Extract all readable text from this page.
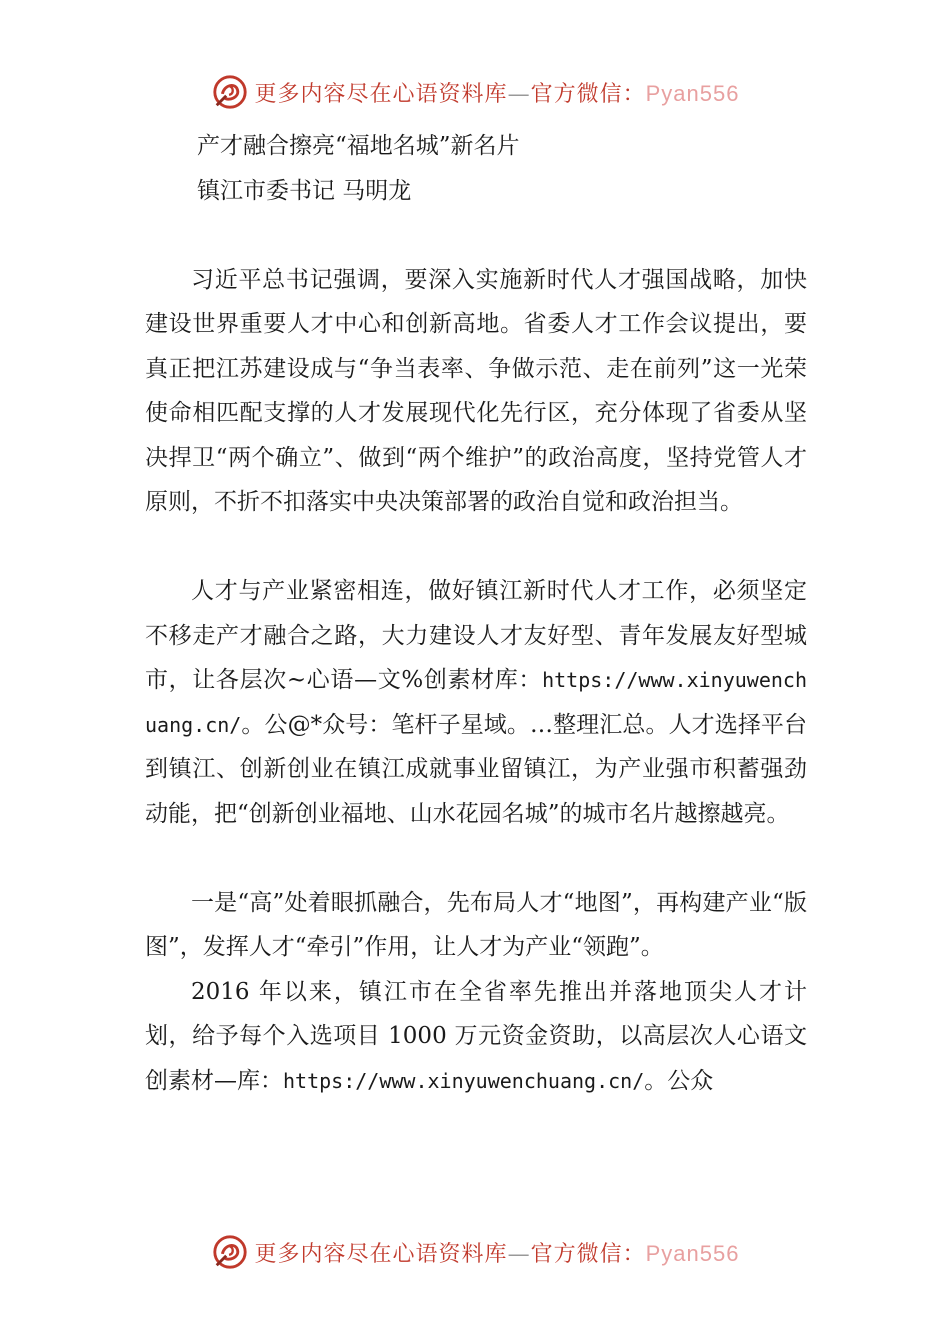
更多内容尽在心语资料库—官方微信：Pyan556

产才融合擦亮“福地名城”新名片

镇江市委书记 马明龙

习近平总书记强调，要深入实施新时代人才强国战略，加快建设世界重要人才中心和创新高地。省委人才工作会议提出，要真正把江苏建设成与“争当表率、争做示范、走在前列”这一光荣使命相匹配支撑的人才发展现代化先行区，充分体现了省委从坚决捍卫“两个确立”、做到“两个维护”的政治高度，坚持党管人才原则，不折不扣落实中央决策部署的政治自觉和政治担当。

人才与产业紧密相连，做好镇江新时代人才工作，必须坚定不移走产才融合之路，大力建设人才友好型、青年发展友好型城市，让各层次~心语—文%创素材库：https://www.xinyuwenchuang.cn/。公@*众号：笔杆子星域。…整理汇总。人才选择平台到镇江、创新创业在镇江成就事业留镇江，为产业强市积蓄强劲动能，把“创新创业福地、山水花园名城”的城市名片越擦越亮。

一是“高”处着眼抓融合，先布局人才“地图”，再构建产业“版图”，发挥人才“牵引”作用，让人才为产业“领跑”。

2016 年以来，镇江市在全省率先推出并落地顶尖人才计划，给予每个入选项目 1000 万元资金资助，以高层次人心语文创素材—库：https://www.xinyuwenchuang.cn/。公众

更多内容尽在心语资料库—官方微信：Pyan556
